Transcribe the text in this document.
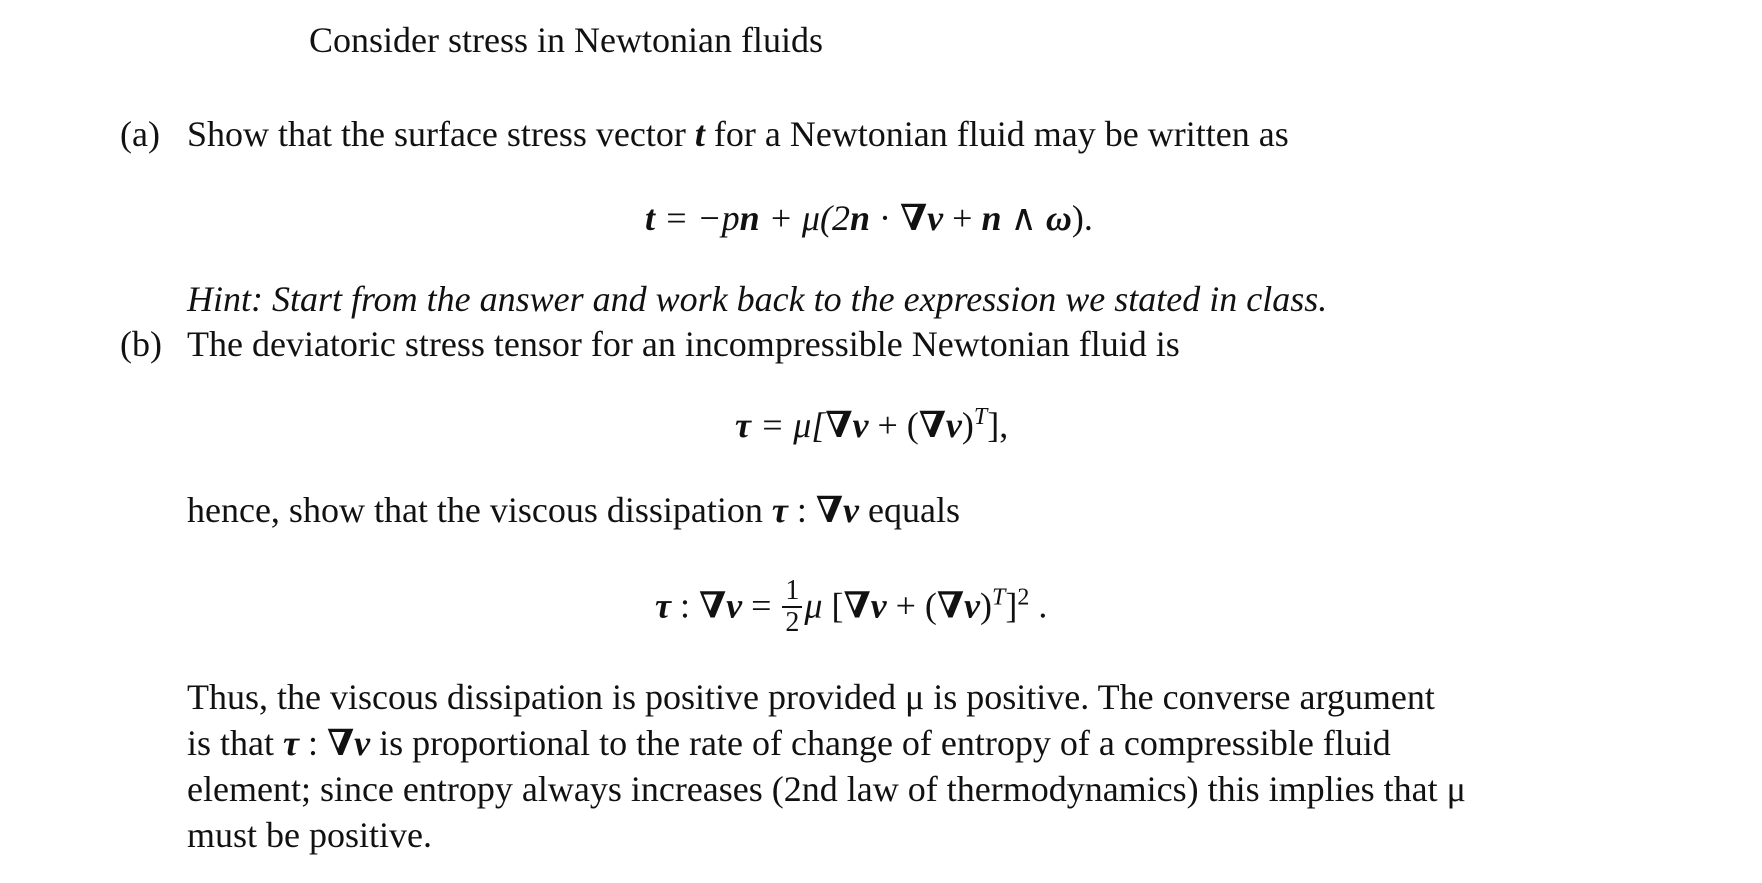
Consider stress in Newtonian fluids
(a) Show that the surface stress vector t for a Newtonian fluid may be written as
t = −pn + μ(2n · ∇v + n ∧ ω).
Hint: Start from the answer and work back to the expression we stated in class.
(b) The deviatoric stress tensor for an incompressible Newtonian fluid is
$\tau = \mu[\nabla v + (\nabla v)^T]$,
hence, show that the viscous dissipation τ : ∇v equals
τ : $\nabla v = \frac{1}{2}$ μ $[\nabla v + (\nabla v)^T]^2$ .
Thus, the viscous dissipation is positive provided μ is positive. The converse argument
is that τ : ∇v is proportional to the rate of change of entropy of a compressible fluid
element; since entropy always increases (2nd law of thermodynamics) this implies that μ
must be positive.
